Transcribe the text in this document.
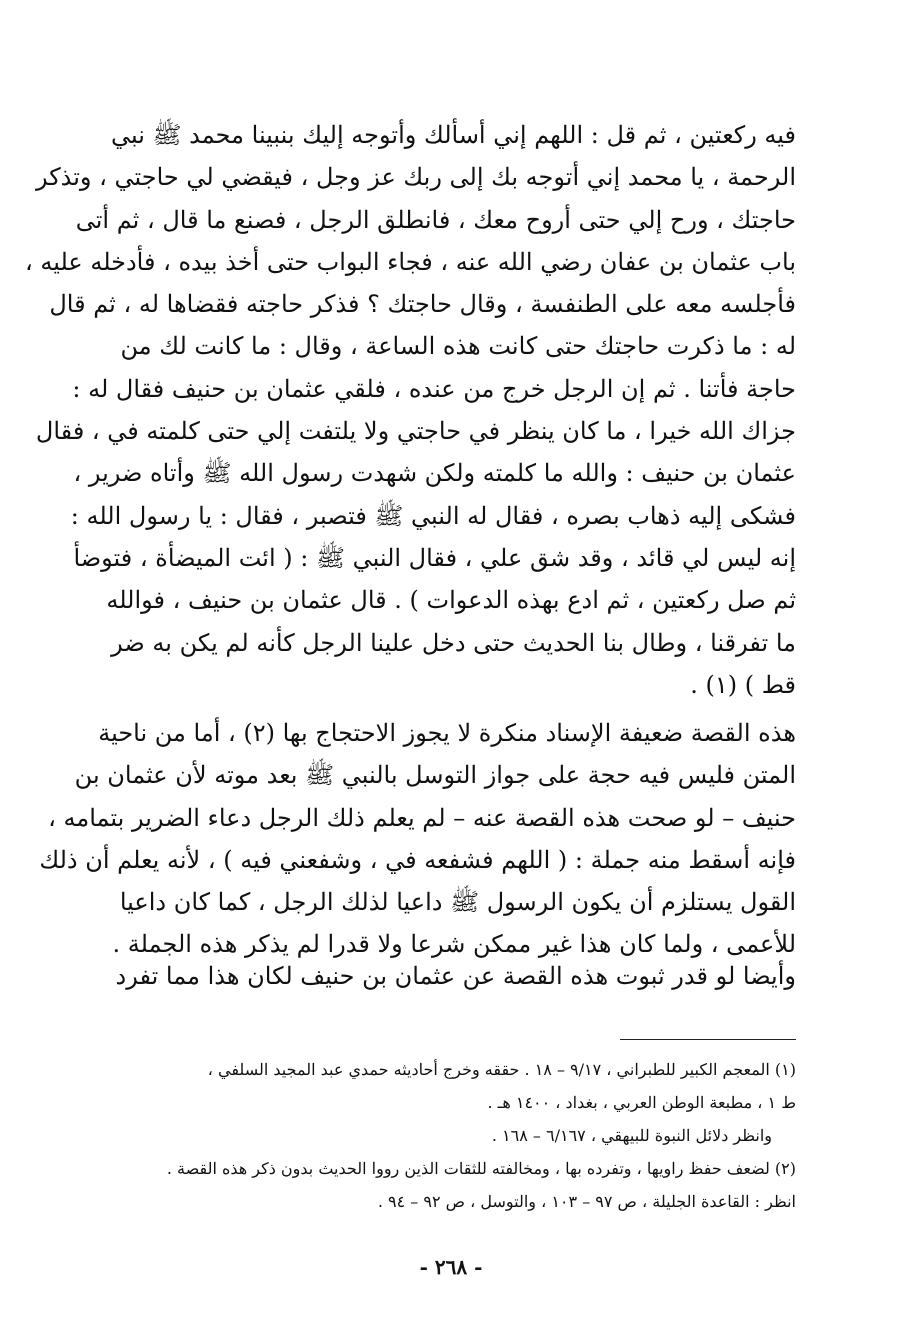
فيه ركعتين ، ثم قل : اللهم إني أسألك وأتوجه إليك بنبينا محمد ﷺ نبي
الرحمة ، يا محمد إني أتوجه بك إلى ربك عز وجل ، فيقضي لي حاجتي ، وتذكر
حاجتك ، ورح إلي حتى أروح معك ، فانطلق الرجل ، فصنع ما قال ، ثم أتى
باب عثمان بن عفان رضي الله عنه ، فجاء البواب حتى أخذ بيده ، فأدخله عليه ،
فأجلسه معه على الطنفسة ، وقال حاجتك ؟ فذكر حاجته فقضاها له ، ثم قال
له : ما ذكرت حاجتك حتى كانت هذه الساعة ، وقال : ما كانت لك من
حاجة فأتنا . ثم إن الرجل خرج من عنده ، فلقي عثمان بن حنيف فقال له :
جزاك الله خيرا ، ما كان ينظر في حاجتي ولا يلتفت إلي حتى كلمته في ، فقال
عثمان بن حنيف : والله ما كلمته ولكن شهدت رسول الله ﷺ وأتاه ضرير ،
فشكى إليه ذهاب بصره ، فقال له النبي ﷺ فتصبر ، فقال : يا رسول الله :
إنه ليس لي قائد ، وقد شق علي ، فقال النبي ﷺ : ( ائت الميضأة ، فتوضأ
ثم صل ركعتين ، ثم ادع بهذه الدعوات ) . قال عثمان بن حنيف ، فوالله
ما تفرقنا ، وطال بنا الحديث حتى دخل علينا الرجل كأنه لم يكن به ضر
قط ) (١) .
هذه القصة ضعيفة الإسناد منكرة لا يجوز الاحتجاج بها (٢) ، أما من ناحية
المتن فليس فيه حجة على جواز التوسل بالنبي ﷺ بعد موته لأن عثمان بن
حنيف – لو صحت هذه القصة عنه – لم يعلم ذلك الرجل دعاء الضرير بتمامه ،
فإنه أسقط منه جملة : ( اللهم فشفعه في ، وشفعني فيه ) ، لأنه يعلم أن ذلك
القول يستلزم أن يكون الرسول ﷺ داعيا لذلك الرجل ، كما كان داعيا
للأعمى ، ولما كان هذا غير ممكن شرعا ولا قدرا لم يذكر هذه الجملة .
وأيضا لو قدر ثبوت هذه القصة عن عثمان بن حنيف لكان هذا مما تفرد
(١) المعجم الكبير للطبراني ، ٩/١٧ – ١٨ . حققه وخرج أحاديثه حمدي عبد المجيد السلفي ،
ط ١ ، مطبعة الوطن العربي ، بغداد ، ١٤٠٠ هـ .
وانظر دلائل النبوة للبيهقي ، ٦/١٦٧ – ١٦٨ .
(٢) لضعف حفظ راويها ، وتفرده بها ، ومخالفته للثقات الذين رووا الحديث بدون ذكر هذه القصة .
انظر : القاعدة الجليلة ، ص ٩٧ – ١٠٣ ، والتوسل ، ص ٩٢ – ٩٤ .
- ٢٦٨ -
